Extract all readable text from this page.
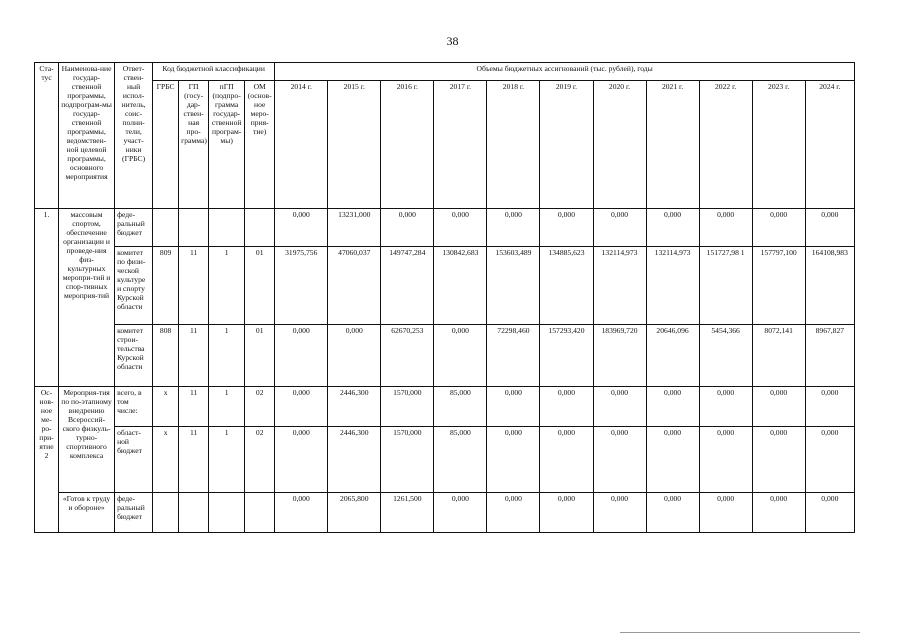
38
Ста-тус	Наименова-ние государ-ственной программы, подпрограм-мы государ-ственной программы, ведомствен-ной целевой программы, основного мероприятия	Ответ-ствен-ный испол-нитель, соис-полни-тели, участ-ники (ГРБС)	Код бюджетной классификации				Объемы бюджетных ассигнований (тыс. рублей), годы										
			ГРБС	ГП (госу-дар-ствен-ная про-грамма)	пГП (подпро-грамма государ-ственной програм-мы)	ОМ (основ-ное меро-прия-тие)	2014 г.	2015 г.	2016 г.	2017 г.	2018 г.	2019 г.	2020 г.	2021 г.	2022 г.	2023 г.	2024 г.
1.	массовым спортом, обеспечение организации и проведе-ния физ-культурных меропри-тий и спор-тивных мероприя-тий	феде-ральный бюджет					0,000	13231,000	0,000	0,000	0,000	0,000	0,000	0,000	0,000	0,000	0,000
		комитет по физи-ческой культуре и спорту Курской области	809	11	1	01	31975,756	47060,037	149747,284	130842,683	153603,489	134885,623	132114,973	132114,973	151727,98 1	157797,100	164108,983
		комитет строи-тельства Курской области	808	11	1	01	0,000	0,000	62670,253	0,000	72298,460	157293,420	183969,720	20646,096	5454,366	8072,141	8967,827
Ос-нов-ное ме-ро-при-ятие 2	Мероприя-тия по по-этапному внедрению Всероссий-ского физкуль-турно-спортивного комплекса	всего, в том числе:	x	11	1	02	0,000	2446,300	1570,000	85,000	0,000	0,000	0,000	0,000	0,000	0,000	0,000
		област-ной бюджет	x	11	1	02	0,000	2446,300	1570,000	85,000	0,000	0,000	0,000	0,000	0,000	0,000	0,000
	«Готов к труду и обороне»	феде-ральный бюджет					0,000	2065,800	1261,500	0,000	0,000	0,000	0,000	0,000	0,000	0,000	0,000
